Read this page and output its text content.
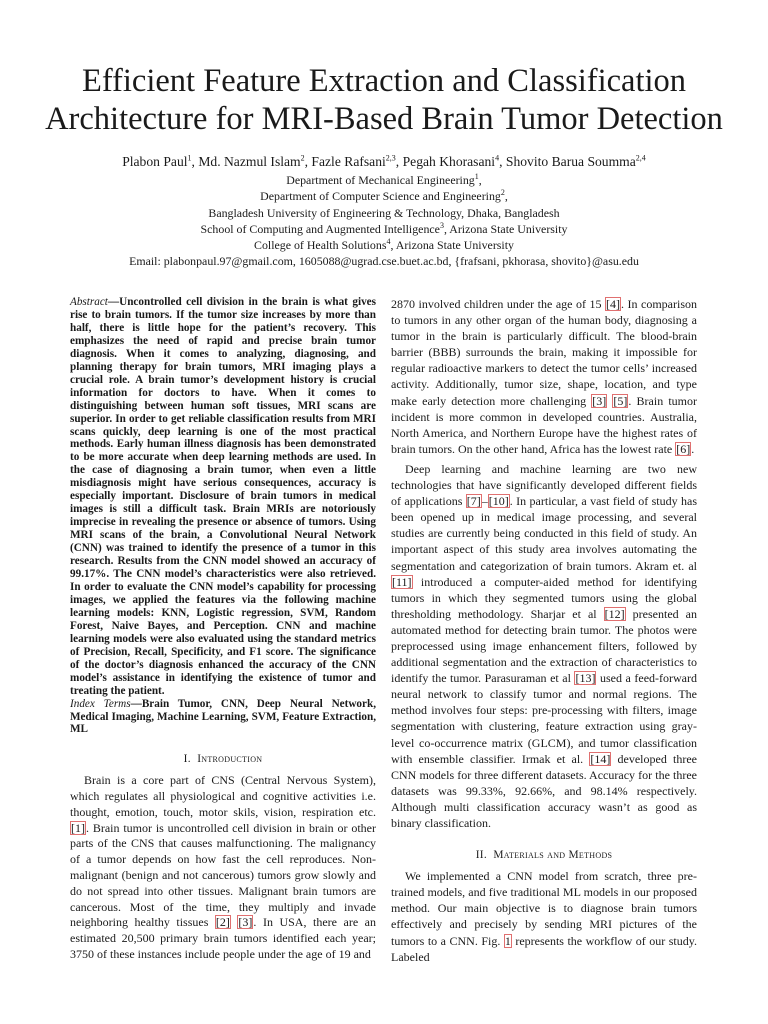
Efficient Feature Extraction and Classification Architecture for MRI-Based Brain Tumor Detection
Plabon Paul$^1$, Md. Nazmul Islam$^2$, Fazle Rafsani$^{2,3}$, Pegah Khorasani$^4$, Shovito Barua Soumma$^{2,4}$
Department of Mechanical Engineering$^1$,
Department of Computer Science and Engineering$^2$,
Bangladesh University of Engineering & Technology, Dhaka, Bangladesh
School of Computing and Augmented Intelligence$^3$, Arizona State University
College of Health Solutions$^4$, Arizona State University
Email: plabonpaul.97@gmail.com, 1605088@ugrad.cse.buet.ac.bd, {frafsani, pkhorasa, shovito}@asu.edu
Abstract—Uncontrolled cell division in the brain is what gives rise to brain tumors. If the tumor size increases by more than half, there is little hope for the patient’s recovery. This emphasizes the need of rapid and precise brain tumor diagnosis. When it comes to analyzing, diagnosing, and planning therapy for brain tumors, MRI imaging plays a crucial role. A brain tumor’s development history is crucial information for doctors to have. When it comes to distinguishing between human soft tissues, MRI scans are superior. In order to get reliable classification results from MRI scans quickly, deep learning is one of the most practical methods. Early human illness diagnosis has been demonstrated to be more accurate when deep learning methods are used. In the case of diagnosing a brain tumor, when even a little misdiagnosis might have serious consequences, accuracy is especially important. Disclosure of brain tumors in medical images is still a difficult task. Brain MRIs are notoriously imprecise in revealing the presence or absence of tumors. Using MRI scans of the brain, a Convolutional Neural Network (CNN) was trained to identify the presence of a tumor in this research. Results from the CNN model showed an accuracy of 99.17%. The CNN model’s characteristics were also retrieved. In order to evaluate the CNN model’s capability for processing images, we applied the features via the following machine learning models: KNN, Logistic regression, SVM, Random Forest, Naive Bayes, and Perception. CNN and machine learning models were also evaluated using the standard metrics of Precision, Recall, Specificity, and F1 score. The significance of the doctor’s diagnosis enhanced the accuracy of the CNN model’s assistance in identifying the existence of tumor and treating the patient.
Index Terms—Brain Tumor, CNN, Deep Neural Network, Medical Imaging, Machine Learning, SVM, Feature Extraction, ML
I. Introduction

Brain is a core part of CNS (Central Nervous System), which regulates all physiological and cognitive activities i.e. thought, emotion, touch, motor skils, vision, respiration etc. [1]. Brain tumor is uncontrolled cell division in brain or other parts of the CNS that causes malfunctioning. The malignancy of a tumor depends on how fast the cell reproduces. Non-malignant (benign and not cancerous) tumors grow slowly and do not spread into other tissues. Malignant brain tumors are cancerous. Most of the time, they multiply and invade neighboring healthy tissues [2] [3]. In USA, there are an estimated 20,500 primary brain tumors identified each year; 3750 of these instances include people under the age of 19 and

2870 involved children under the age of 15 [4]. In comparison to tumors in any other organ of the human body, diagnosing a tumor in the brain is particularly difficult. The blood-brain barrier (BBB) surrounds the brain, making it impossible for regular radioactive markers to detect the tumor cells’ increased activity. Additionally, tumor size, shape, location, and type make early detection more challenging [3] [5]. Brain tumor incident is more common in developed countries. Australia, North America, and Northern Europe have the highest rates of brain tumors. On the other hand, Africa has the lowest rate [6].

Deep learning and machine learning are two new technologies that have significantly developed different fields of applications [7]–[10]. In particular, a vast field of study has been opened up in medical image processing, and several studies are currently being conducted in this field of study. An important aspect of this study area involves automating the segmentation and categorization of brain tumors. Akram et. al [11] introduced a computer-aided method for identifying tumors in which they segmented tumors using the global thresholding methodology. Sharjar et al [12] presented an automated method for detecting brain tumor. The photos were preprocessed using image enhancement filters, followed by additional segmentation and the extraction of characteristics to identify the tumor. Parasuraman et al [13] used a feed-forward neural network to classify tumor and normal regions. The method involves four steps: pre-processing with filters, image segmentation with clustering, feature extraction using gray-level co-occurrence matrix (GLCM), and tumor classification with ensemble classifier. Irmak et al. [14] developed three CNN models for three different datasets. Accuracy for the three datasets was 99.33%, 92.66%, and 98.14% respectively. Although multi classification accuracy wasn’t as good as binary classification.

II. Materials and Methods

We implemented a CNN model from scratch, three pre-trained models, and five traditional ML models in our proposed method. Our main objective is to diagnose brain tumors effectively and precisely by sending MRI pictures of the tumors to a CNN. Fig. 1 represents the workflow of our study. Labeled
